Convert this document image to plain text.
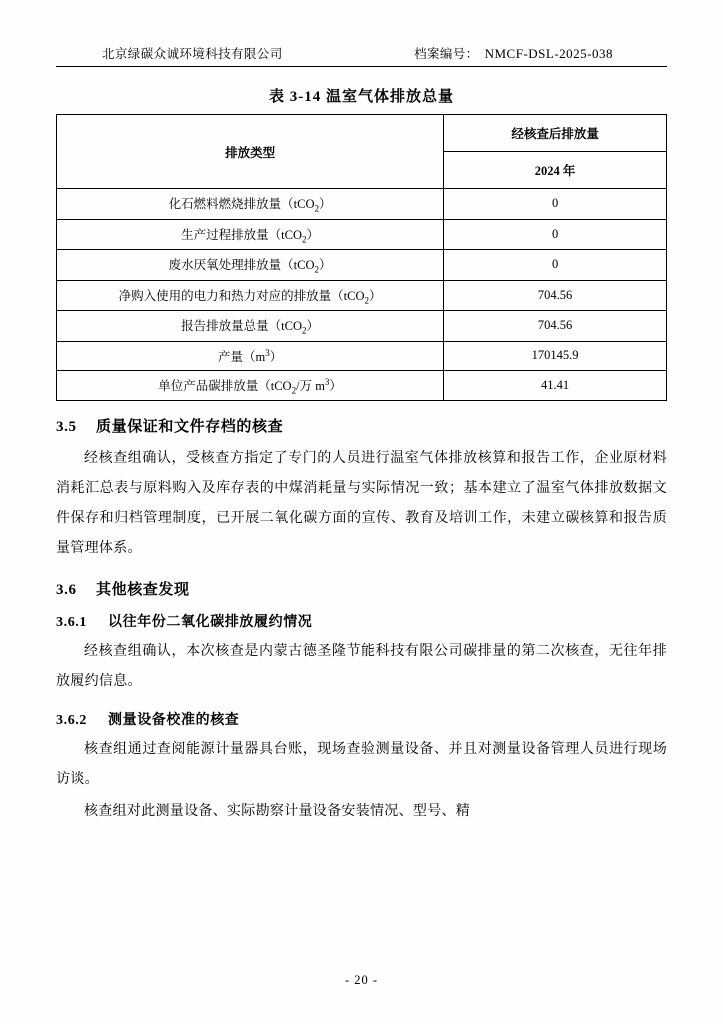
北京绿碳众诚环境科技有限公司	档案编号： NMCF-DSL-2025-038
表 3-14 温室气体排放总量
排放类型	经核查后排放量
	2024 年
化石燃料燃烧排放量（tCO$_2$）	0
生产过程排放量（tCO$_2$）	0
废水厌氧处理排放量（tCO$_2$）	0
净购入使用的电力和热力对应的排放量（tCO$_2$）	704.56
报告排放量总量（tCO$_2$）	704.56
产量$(m^3)$	170145.9
单位产品碳排放量（tCO$_2$/万 $m^3$）	41.41
3.5 质量保证和文件存档的核查

经核查组确认，受核查方指定了专门的人员进行温室气体排放核算和报告工作，企业原材料消耗汇总表与原料购入及库存表的中煤消耗量与实际情况一致；基本建立了温室气体排放数据文件保存和归档管理制度，已开展二氧化碳方面的宣传、教育及培训工作，未建立碳核算和报告质量管理体系。

3.6 其他核查发现
3.6.1 以往年份二氧化碳排放履约情况

经核查组确认，本次核查是内蒙古德圣隆节能科技有限公司碳排量的第二次核查，无往年排放履约信息。

3.6.2 测量设备校准的核查

核查组通过查阅能源计量器具台账，现场查验测量设备、并且对测量设备管理人员进行现场访谈。

核查组对此测量设备、实际勘察计量设备安装情况、型号、精

- 20 -
